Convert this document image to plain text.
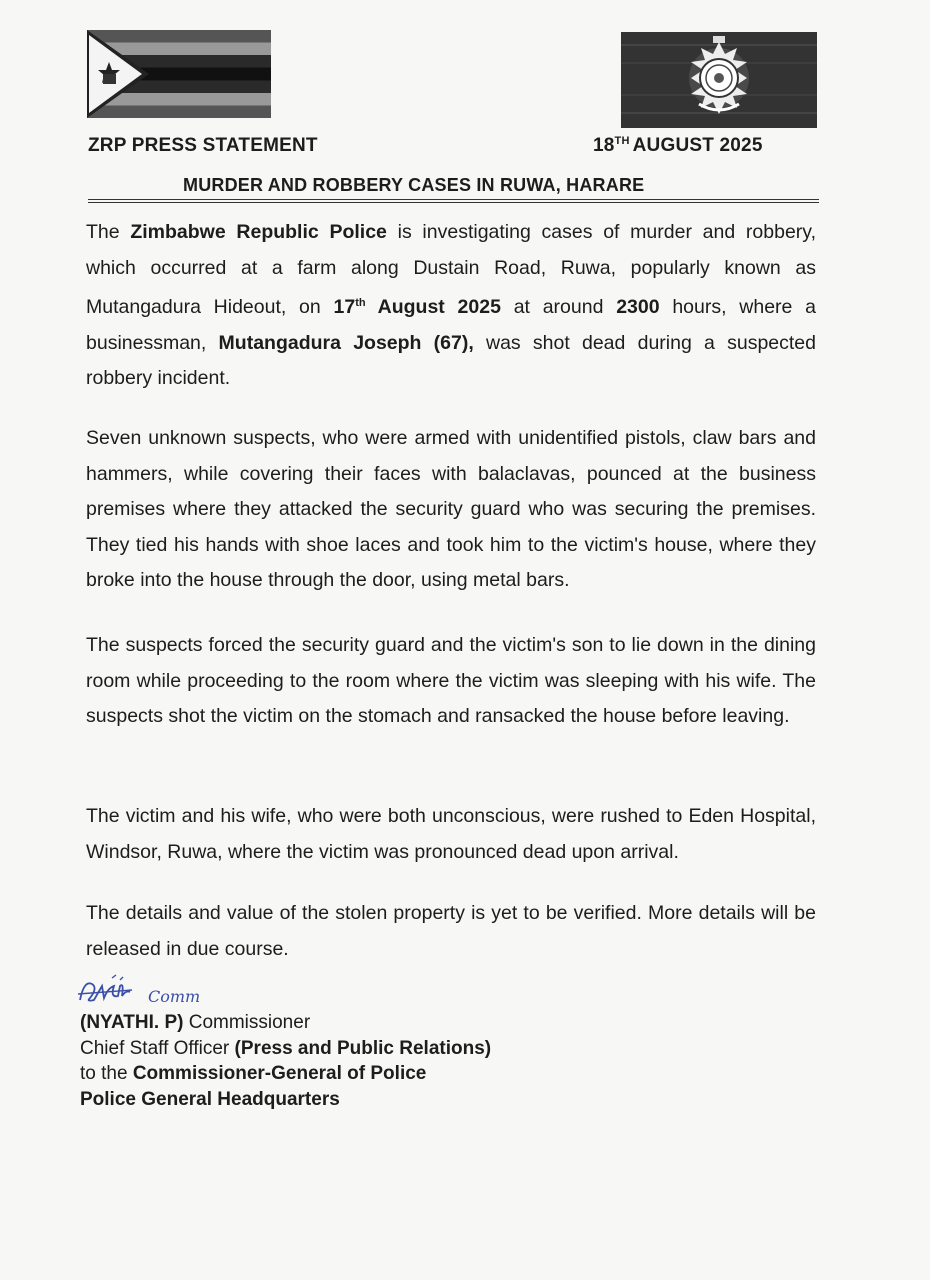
ZRP PRESS STATEMENT	18TH AUGUST 2025
MURDER AND ROBBERY CASES IN RUWA, HARARE
The Zimbabwe Republic Police is investigating cases of murder and robbery, which occurred at a farm along Dustain Road, Ruwa, popularly known as Mutangadura Hideout, on 17th August 2025 at around 2300 hours, where a businessman, Mutangadura Joseph (67), was shot dead during a suspected robbery incident.
Seven unknown suspects, who were armed with unidentified pistols, claw bars and hammers, while covering their faces with balaclavas, pounced at the business premises where they attacked the security guard who was securing the premises. They tied his hands with shoe laces and took him to the victim's house, where they broke into the house through the door, using metal bars.
The suspects forced the security guard and the victim's son to lie down in the dining room while proceeding to the room where the victim was sleeping with his wife. The suspects shot the victim on the stomach and ransacked the house before leaving.
The victim and his wife, who were both unconscious, were rushed to Eden Hospital, Windsor, Ruwa, where the victim was pronounced dead upon arrival.
The details and value of the stolen property is yet to be verified. More details will be released in due course.
Comm
(NYATHI. P) Commissioner
Chief Staff Officer (Press and Public Relations)
to the Commissioner-General of Police
Police General Headquarters
